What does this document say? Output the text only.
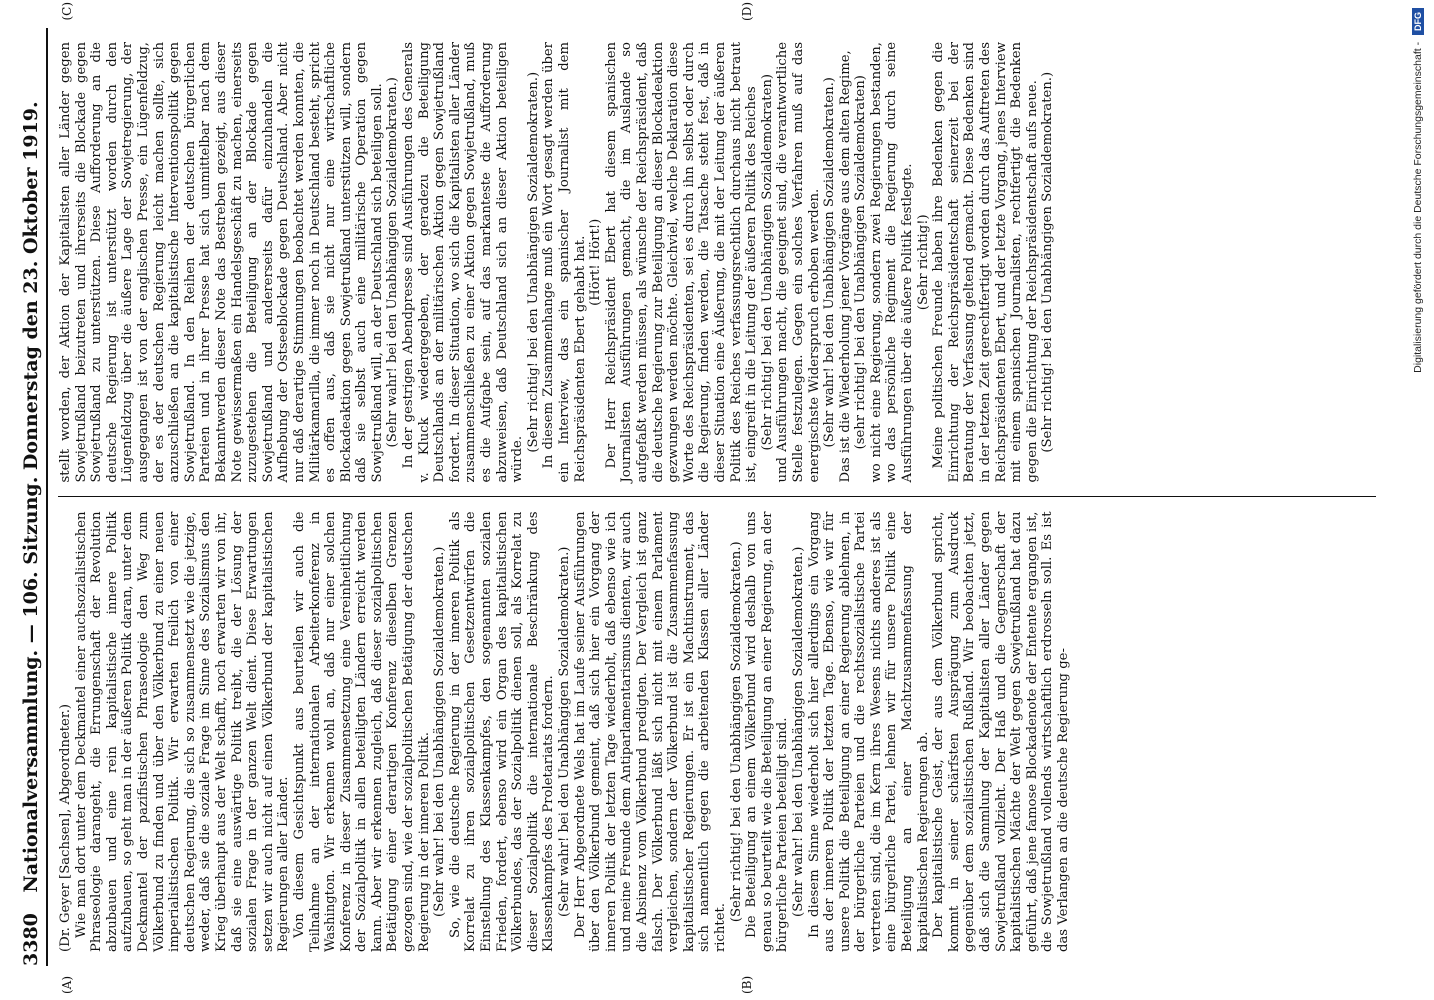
3380
Nationalversammlung. — 106. Sitzung. Donnerstag den 23. Oktober 1919.
(A)	(B)
(C)	(D)

(Dr. Geyer [Sachsen], Abgeordneter.) Wie man dort unter dem Deckmantel einer auchsozialistischen Phraseologie darangeht, die Errungenschaft der Revolution abzubauen und eine rein kapitalistische innere Politik aufzubauen, so geht man in der äußeren Politik daran, unter dem Deckmantel der pazifistischen Phraseologie den Weg zum Völkerbund zu finden und über den Völkerbund zu einer neuen imperialistischen Politik. Wir erwarten freilich von einer deutschen Regierung, die sich so zusammensetzt wie die jetzige, weder, daß sie die soziale Frage im Sinne des Sozialismus den Krieg überhaupt aus der Welt schafft, noch erwarten wir von ihr, daß sie eine auswärtige Politik treibt, die der Lösung der sozialen Frage in der ganzen Welt dient. Diese Erwartungen setzen wir auch nicht auf einen Völkerbund der kapitalistischen Regierungen aller Länder. Von diesem Gesichtspunkt aus beurteilen wir auch die Teilnahme an der internationalen Arbeiterkonferenz in Washington. Wir erkennen wohl an, daß nur einer solchen Konferenz in dieser Zusammensetzung eine Vereinheitlichung der Sozialpolitik in allen beteiligten Ländern erreicht werden kann. Aber wir erkennen zugleich, daß dieser sozialpolitischen Betätigung einer derartigen Konferenz dieselben Grenzen gezogen sind, wie der sozialpolitischen Betätigung der deutschen Regierung in der inneren Politik. (Sehr wahr! bei den Unabhängigen Sozialdemokraten.) So, wie die deutsche Regierung in der inneren Politik als Korrelat zu ihren sozialpolitischen Gesetzentwürfen die Einstellung des Klassenkampfes, den sogenannten sozialen Frieden, fordert, ebenso wird ein Organ des kapitalistischen Völkerbundes, das der Sozialpolitik dienen soll, als Korrelat zu dieser Sozialpolitik die internationale Beschränkung des Klassenkampfes des Proletariats fordern. (Sehr wahr! bei den Unabhängigen Sozialdemokraten.) Der Herr Abgeordnete Wels hat im Laufe seiner Ausführungen über den Völkerbund gemeint, daß sich hier ein Vorgang der inneren Politik der letzten Tage wiederholt, daß ebenso wie ich und meine Freunde dem Antiparlamentarismus dienten, wir auch die Absinenz vom Völkerbund predigten. Der Vergleich ist ganz falsch. Der Völkerbund läßt sich nicht mit einem Parlament vergleichen, sondern der Völkerbund ist die Zusammenfassung kapitalistischer Regierungen. Er ist ein Machtinstrument, das sich namentlich gegen die arbeitenden Klassen aller Länder richtet.

(Sehr richtig! bei den Unabhängigen Sozialdemokraten.) Die Beteiligung an einem Völkerbund wird deshalb von uns genau so beurteilt wie die Beteiligung an einer Regierung, an der bürgerliche Parteien beteiligt sind. (Sehr wahr! bei den Unabhängigen Sozialdemokraten.) In diesem Sinne wiederholt sich hier allerdings ein Vorgang aus der inneren Politik der letzten Tage. Ebenso, wie wir für unsere Politik die Beteiligung an einer Regierung ablehnen, in der bürgerliche Parteien und die rechtssozialistische Partei vertreten sind, die im Kern ihres Wesens nichts anderes ist als eine bürgerliche Partei, lehnen wir für unsere Politik eine Beteiligung an einer Machtzusammenfassung der kapitalistischen Regierungen ab. Der kapitalistische Geist, der aus dem Völkerbund spricht, kommt in seiner schärfsten Ausprägung zum Ausdruck gegenüber dem sozialistischen Rußland. Wir beobachten jetzt, daß sich die Sammlung der Kapitalisten aller Länder gegen Sowjetrußland vollzieht. Der Haß und die Gegnerschaft der kapitalistischen Mächte der Welt gegen Sowjetrußland hat dazu geführt, daß jene famose Blockadenote der Entente ergangen ist, die Sowjetrußland vollends wirtschaftlich erdrosseln soll. Es ist das Verlangen an die deutsche Regierung ge-

stellt worden, der Aktion der Kapitalisten aller Länder gegen Sowjetrußland beizutreten und ihrerseits die Blockade gegen Sowjetrußland zu unterstützen. Diese Aufforderung an die deutsche Regierung ist unterstützt worden durch den Lügenfeldzug über die äußere Lage der Sowjetregierung, der ausgegangen ist von der englischen Presse, ein Lügenfeldzug, der es der deutschen Regierung leicht machen sollte, sich anzuschließen an die kapitalistische Interventionspolitik gegen Sowjetrußland. In den Reihen der deutschen bürgerlichen Parteien und in ihrer Presse hat sich unmittelbar nach dem Bekanntwerden dieser Note das Bestreben gezeigt, aus dieser Note gewissermaßen ein Handelsgeschäft zu machen, einerseits zuzugestehen die Beteiligung an der Blockade gegen Sowjetrußland und andererseits dafür einzuhandeln die Aufhebung der Ostseeblockade gegen Deutschland. Aber nicht nur daß derartige Stimmungen beobachtet werden konnten, die Militärkamarilla, die immer noch in Deutschland besteht, spricht es offen aus, daß sie nicht nur eine wirtschaftliche Blockadeaktion gegen Sowjetrußland unterstützen will, sondern daß sie selbst auch eine militärische Operation gegen Sowjetrußland will, an der Deutschland sich beteiligen soll. (Sehr wahr! bei den Unabhängigen Sozialdemokraten.) In der gestrigen Abendpresse sind Ausführungen des Generals v. Kluck wiedergegeben, der geradezu die Beteiligung Deutschlands an der militärischen Aktion gegen Sowjetrußland fordert. In dieser Situation, wo sich die Kapitalisten aller Länder zusammenschließen zu einer Aktion gegen Sowjetrußland, muß es die Aufgabe sein, auf das markanteste die Aufforderung abzuweisen, daß Deutschland sich an dieser Aktion beteiligen würde.

(Sehr richtig! bei den Unabhängigen Sozialdemokraten.) In diesem Zusammenhange muß ein Wort gesagt werden über ein Interview, das ein spanischer Journalist mit dem Reichspräsidenten Ebert gehabt hat. (Hört! Hört!) Der Herr Reichspräsident Ebert hat diesem spanischen Journalisten Ausführungen gemacht, die im Auslande so aufgefaßt werden müssen, als wünsche der Reichspräsident, daß die deutsche Regierung zur Beteiligung an dieser Blockadeaktion gezwungen werden möchte. Gleichviel, welche Deklaration diese Worte des Reichspräsidenten, sei es durch ihn selbst oder durch die Regierung, finden werden, die Tatsache steht fest, daß in dieser Situation eine Äußerung, die mit der Leitung der äußeren Politik des Reiches verfassungsrechtlich durchaus nicht betraut ist, eingreift in die Leitung der äußeren Politik des Reiches (Sehr richtig! bei den Unabhängigen Sozialdemokraten) und Ausführungen macht, die geeignet sind, die verantwortliche Stelle festzulegen. Gegen ein solches Verfahren muß auf das energischste Widerspruch erhoben werden. (Sehr wahr! bei den Unabhängigen Sozialdemokraten.) Das ist die Wiederholung jener Vorgänge aus dem alten Regime, (sehr richtig! bei den Unabhängigen Sozialdemokraten) wo nicht eine Regierung, sondern zwei Regierungen bestanden, wo das persönliche Regiment die Regierung durch seine Ausführungen über die äußere Politik festlegte. (Sehr richtig!) Meine politischen Freunde haben ihre Bedenken gegen die Einrichtung der Reichspräsidentschaft seinerzeit bei der Beratung der Verfassung geltend gemacht. Diese Bedenken sind in der letzten Zeit gerechtfertigt worden durch das Auftreten des Reichspräsidenten Ebert, und der letzte Vorgang, jenes Interview mit einem spanischen Journalisten, rechtfertigt die Bedenken gegen die Einrichtung der Reichspräsidentschaft aufs neue. (Sehr richtig! bei den Unabhängigen Sozialdemokraten.)	Digitalisierung gefördert durch die Deutsche Forschungsgemeinschaft - DFG
